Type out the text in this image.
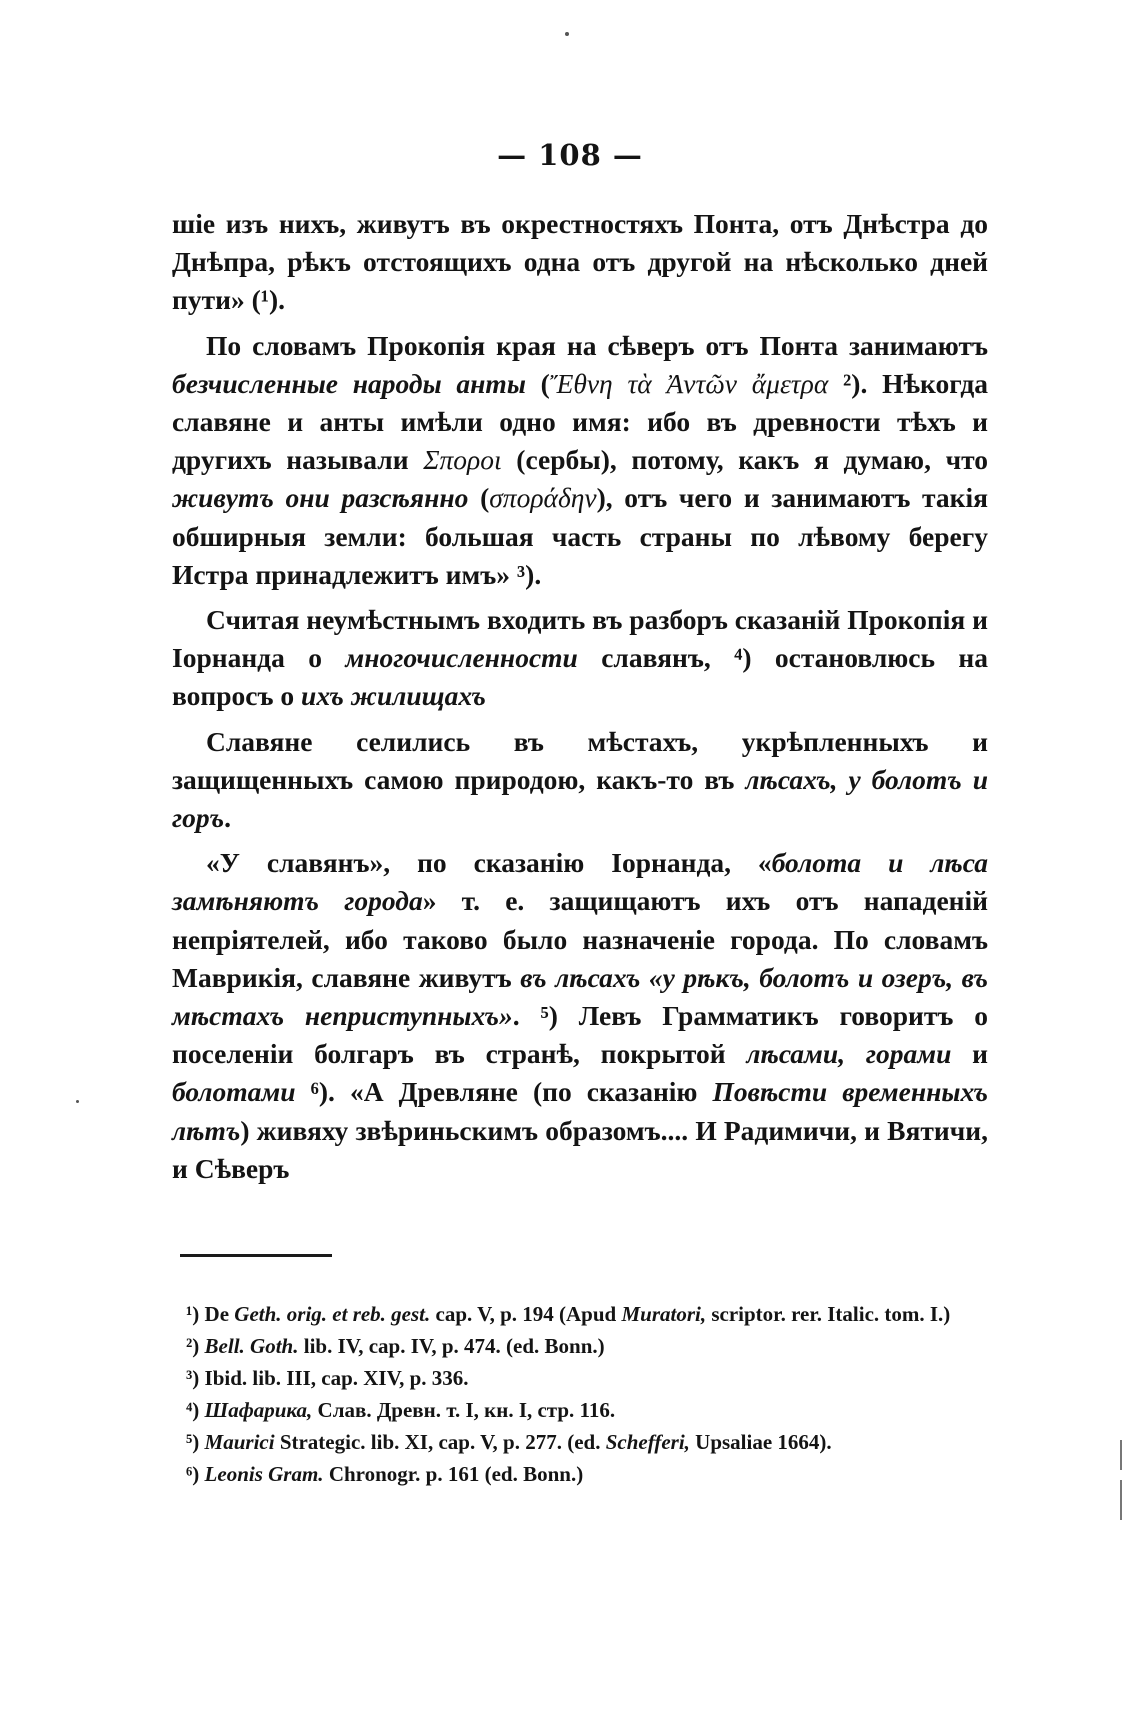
— 108 —

шіе изъ нихъ, живутъ въ окрестностяхъ Понта, отъ Днѣстра до Днѣпра, рѣкъ отстоящихъ одна отъ другой на нѣсколько дней пути» (¹).

По словамъ Прокопія края на сѣверъ отъ Понта занимаютъ безчисленные народы анты (Ἔθνη τὰ Ἀντῶν ἄμετρα ²). Нѣкогда славяне и анты имѣли одно имя: ибо въ древности тѣхъ и другихъ называли Σποροι (сербы), потому, какъ я думаю, что живутъ они разсѣянно (σποράδην), отъ чего и занимаютъ такія обширныя земли: большая часть страны по лѣвому берегу Истра принадлежитъ имъ» ³).

Считая неумѣстнымъ входить въ разборъ сказаній Прокопія и Іорнанда о многочисленности славянъ, ⁴) остановлюсь на вопросъ о ихъ жилищахъ

Славяне селились въ мѣстахъ, укрѣпленныхъ и защищенныхъ самою природою, какъ-то въ лѣсахъ, у болотъ и горъ.

«У славянъ», по сказанію Іорнанда, «болота и лѣса замѣняютъ города» т. е. защищаютъ ихъ отъ нападеній непріятелей, ибо таково было назначеніе города. По словамъ Маврикія, славяне живутъ въ лѣсахъ «у рѣкъ, болотъ и озеръ, въ мѣстахъ неприступныхъ». ⁵) Левъ Грамматикъ говоритъ о поселеніи болгаръ въ странѣ, покрытой лѣсами, горами и болотами ⁶). «А Древляне (по сказанію Повѣсти временныхъ лѣтъ) живяху звѣриньскимъ образомъ.... И Радимичи, и Вятичи, и Сѣверъ

¹) De Geth. orig. et reb. gest. cap. V, p. 194 (Apud Muratori, scriptor. rer. Italic. tom. I.)

²) Bell. Goth. lib. IV, cap. IV, p. 474. (ed. Bonn.)

³) Ibid. lib. III, cap. XIV, p. 336.

⁴) Шафарика, Слав. Древн. т. I, кн. I, стр. 116.

⁵) Maurici Strategic. lib. XI, cap. V, p. 277. (ed. Schefferi, Upsaliae 1664).

⁶) Leonis Gram. Chronogr. p. 161 (ed. Bonn.)
